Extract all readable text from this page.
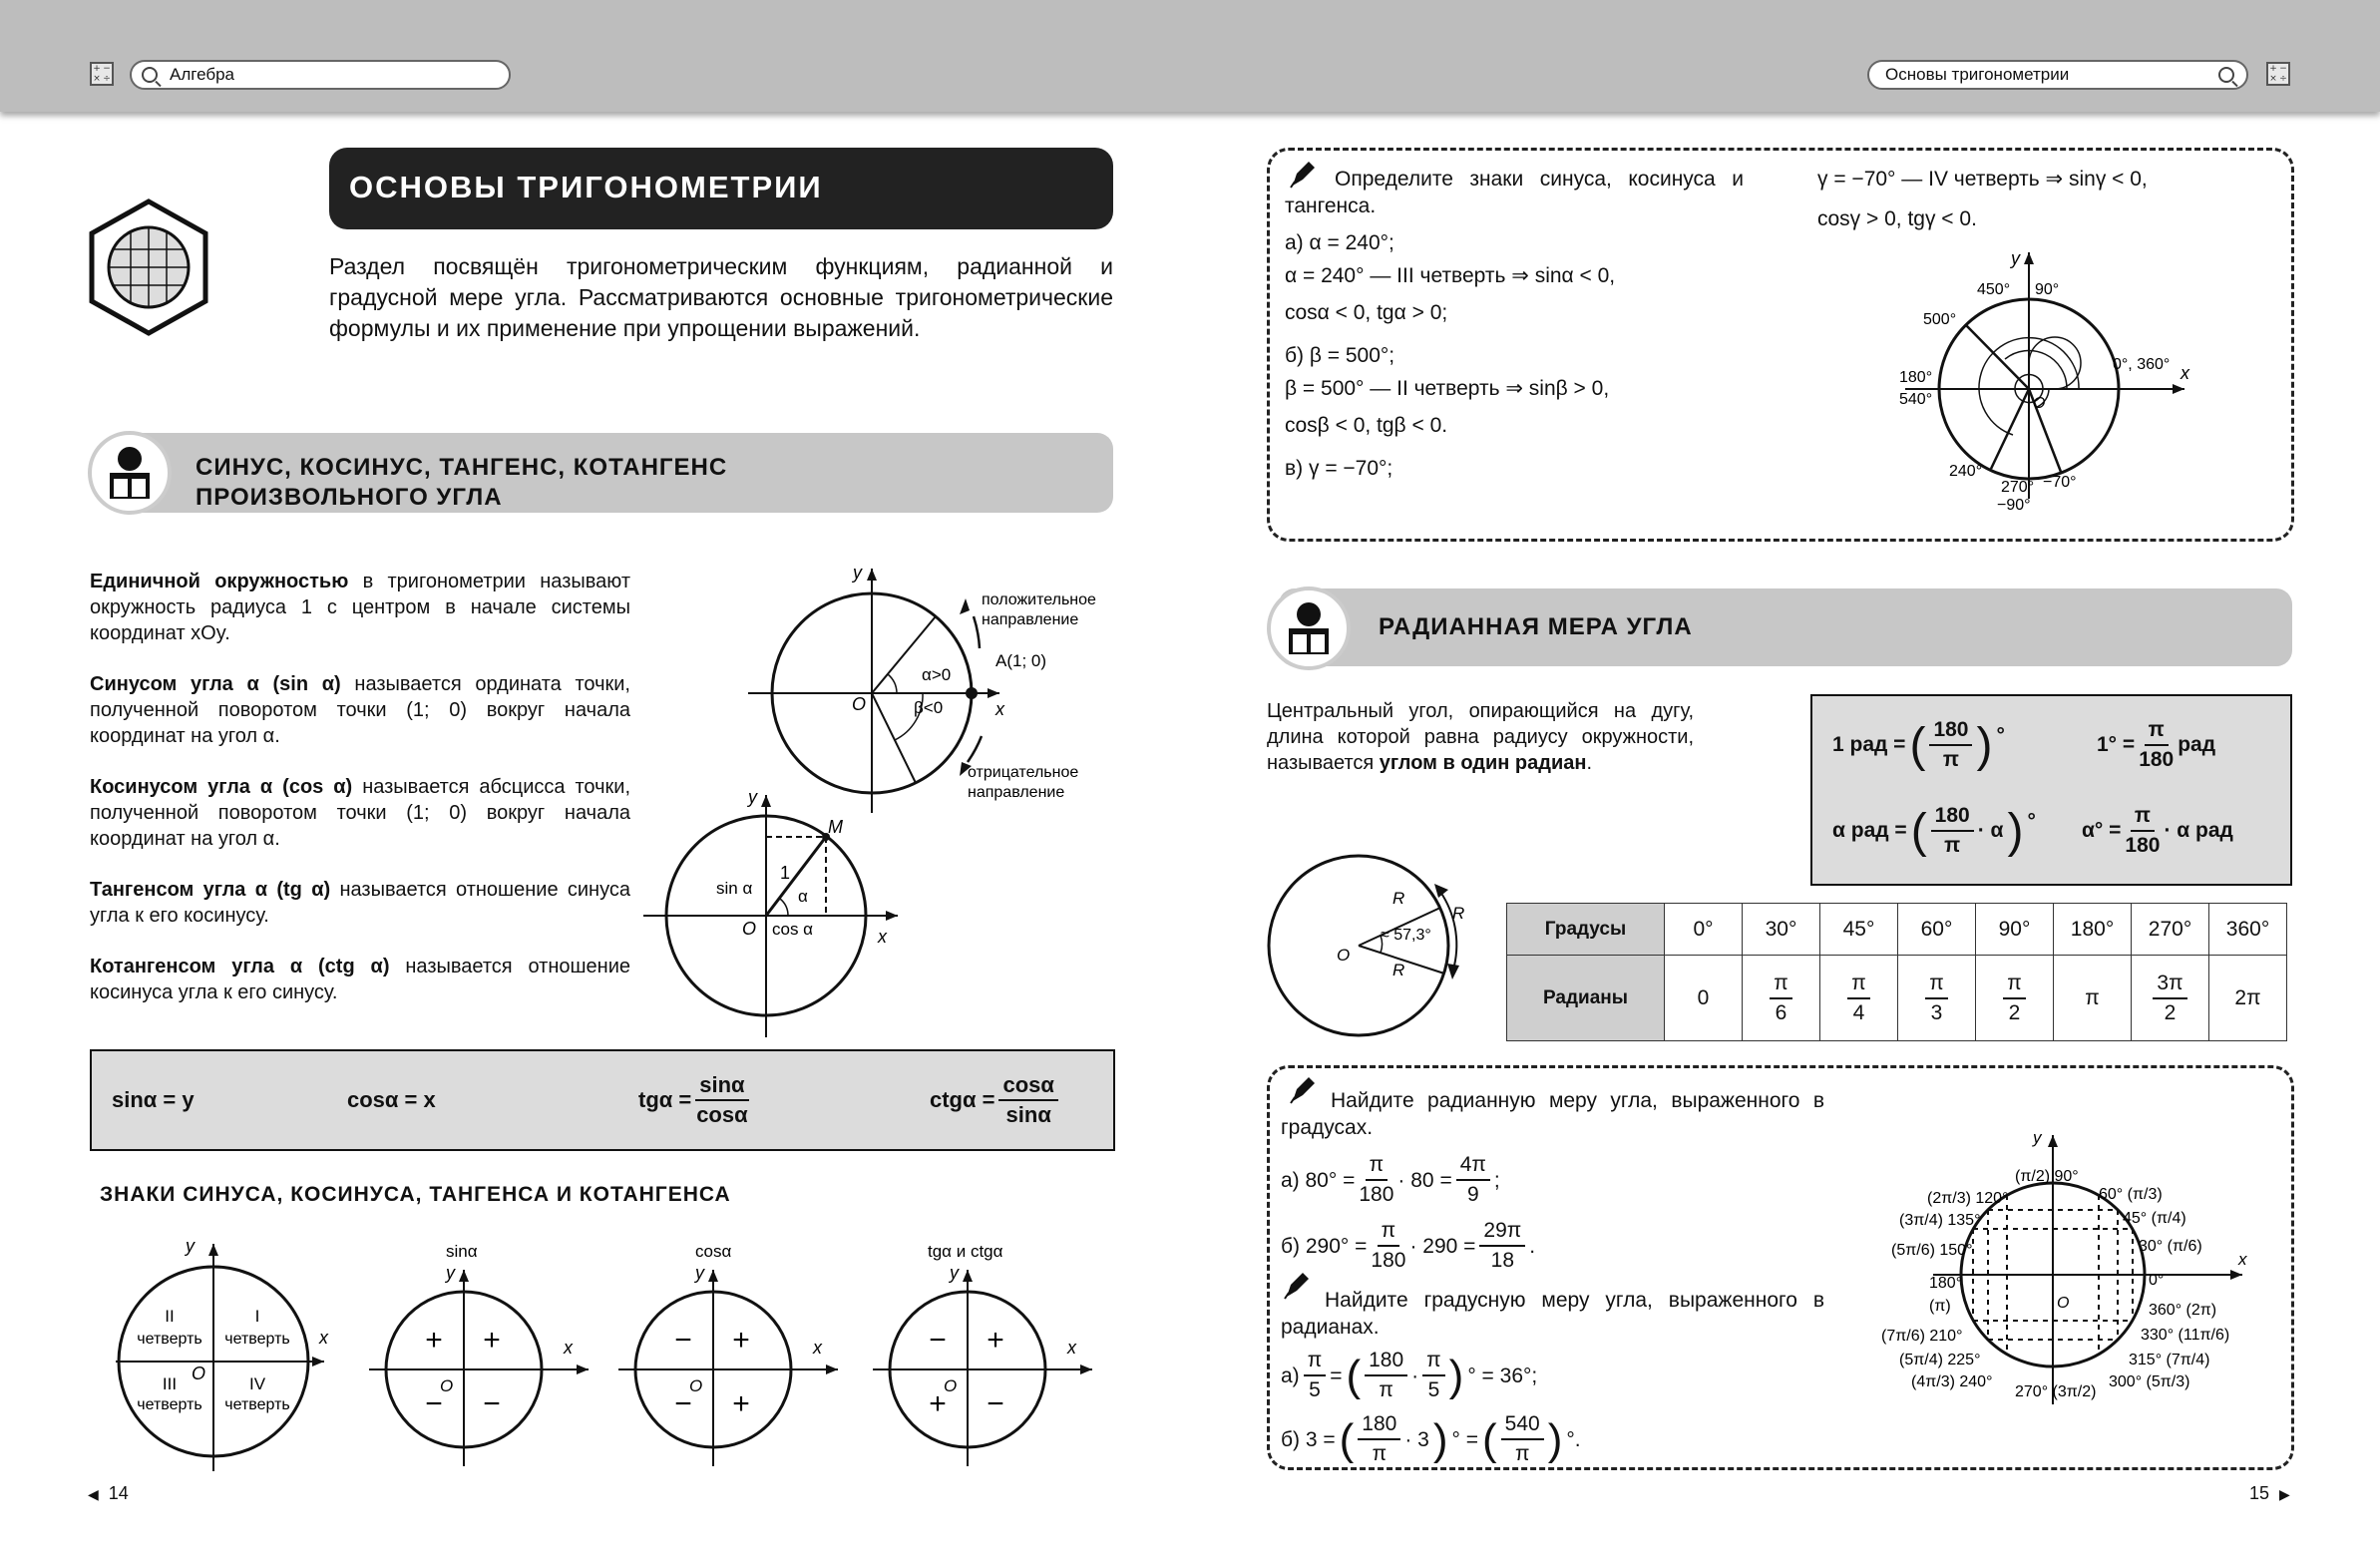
+ −
× ÷	Алгебра	Основы тригонометрии	+ −
× ÷
ОСНОВЫ ТРИГОНОМЕТРИИ
Раздел посвящён тригонометрическим функциям, радианной и градусной мере угла. Рассматриваются основные тригонометрические формулы и их применение при упрощении выражений.
СИНУС, КОСИНУС, ТАНГЕНС, КОТАНГЕНС
ПРОИЗВОЛЬНОГО УГЛА

Единичной окружностью в тригонометрии называют окружность радиуса 1 с центром в начале системы координат xOy.

Синусом угла α (sin α) называется ордината точки, полученной поворотом точки (1; 0) вокруг начала координат на угол α.

Косинусом угла α (cos α) называется абсцисса точки, полученной поворотом точки (1; 0) вокруг начала координат на угол α.

Тангенсом угла α (tg α) называется отношение синуса угла к его косинусу.

Котангенсом угла α (ctg α) называется отношение косинуса угла к его синусу.

y
x
O
α>0
β<0
A(1; 0)
положительное
направление
отрицательное
направление
y
x
O
M
1
α
sin α
cos α
sinα = y	cosα = x	$tg\alpha = \frac{\sin\alpha}{\cos\alpha}$	$ctg\alpha = \frac{\cos\alpha}{\sin\alpha}$
ЗНАКИ СИНУСА, КОСИНУСА, ТАНГЕНСА И КОТАНГЕНСА
y
x
O
II
четверть
I
четверть
III
четверть
IV
четверть
sinα
y
x
O
+ +
− −
cosα
y
x
O
− +
− +
tgα и ctgα
y
x
O
− +
+ −
◀ 14
Определите знаки синуса, косинуса и тангенса.
а) α = 240°;
α = 240° — III четверть ⇒ sinα < 0,
cosα < 0, tgα > 0;
б) β = 500°;
β = 500° — II четверть ⇒ sinβ > 0,
cosβ < 0, tgβ < 0.
в) γ = −70°;
γ = −70° — IV четверть ⇒ sinγ < 0,
cosγ > 0, tgγ < 0.
y
x
O
450° 90°
500°
180°
540°
0°, 360°
240°
270°
−90°
−70°
РАДИАННАЯ МЕРА УГЛА
Центральный угол, опирающийся на дугу, длина которой равна радиусу окружности, называется углом в один радиан.
1 рад = ( $\frac{180}{\pi}$ ) °	$1^\circ = \frac{\pi}{180}$ рад
α рад = ( $\frac{180}{\pi} \cdot \alpha$ ) ° $\alpha^\circ = \frac{\pi}{180} \cdot \alpha$ рад
R
R
R
≈ 57,3°
O
Градусы	0°	30°	45°	60°	90°	180°	270°	360°
Радианы	0	$\frac{\pi}{6}$	$\frac{\pi}{4}$	$\frac{\pi}{3}$	$\frac{\pi}{2}$	π	$\frac{3\pi}{2}$	2π
Найдите радианную меру угла, выраженного в градусах.
а) $80^\circ = \frac{\pi}{180} \cdot 80 = \frac{4\pi}{9}$ ;
б) $290^\circ = \frac{\pi}{180} \cdot 290 = \frac{29\pi}{18}$ .
Найдите градусную меру угла, выраженного в радианах.
$а) \frac{\pi}{5}$ = ( $\frac{180}{\pi} \cdot \frac{\pi}{5}$ ) ° = 36°;
б) 3 = ( $\frac{180}{\pi} \cdot 3$ ) ° = ( $\frac{540}{\pi}$ ) °.
(π/2) 90°
60° (π/3)
(2π/3) 120°
45° (π/4)
(3π/4) 135°
30° (π/6)
(5π/6) 150°
0°
180°
(π)	360° (2π)
330° (11π/6)
(7π/6) 210°
315° (7π/4)
(5π/4) 225°
300° (5π/3)
(4π/3) 240°
270° (3π/2)
O
x
y
15 ▶
